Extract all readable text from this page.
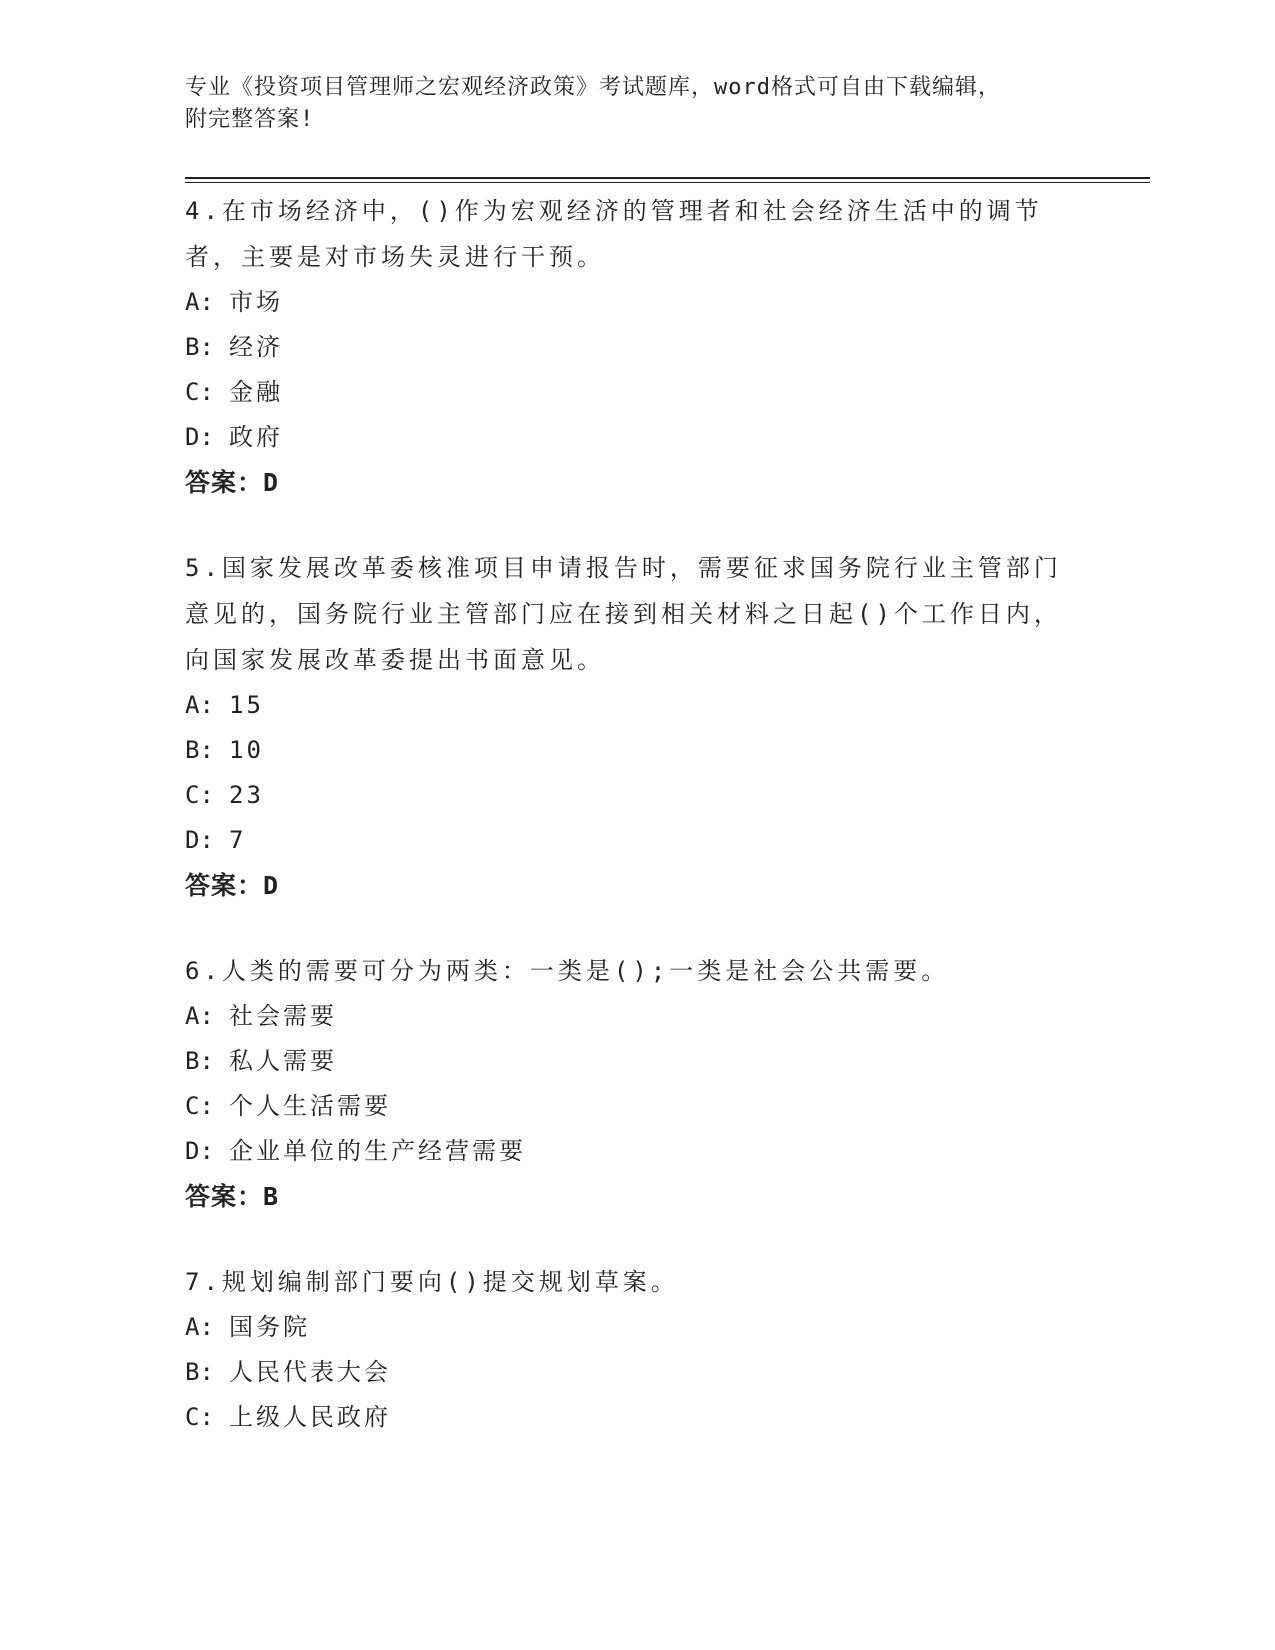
专业《投资项目管理师之宏观经济政策》考试题库，word格式可自由下载编辑，
附完整答案!

4.在市场经济中，()作为宏观经济的管理者和社会经济生活中的调节者，主要是对市场失灵进行干预。

A: 市场

B: 经济

C: 金融

D: 政府

答案：D

5.国家发展改革委核准项目申请报告时，需要征求国务院行业主管部门意见的，国务院行业主管部门应在接到相关材料之日起()个工作日内，向国家发展改革委提出书面意见。

A: 15

B: 10

C: 23

D: 7

答案：D

6.人类的需要可分为两类：一类是();一类是社会公共需要。

A: 社会需要

B: 私人需要

C: 个人生活需要

D: 企业单位的生产经营需要

答案：B

7.规划编制部门要向()提交规划草案。

A: 国务院

B: 人民代表大会

C: 上级人民政府
